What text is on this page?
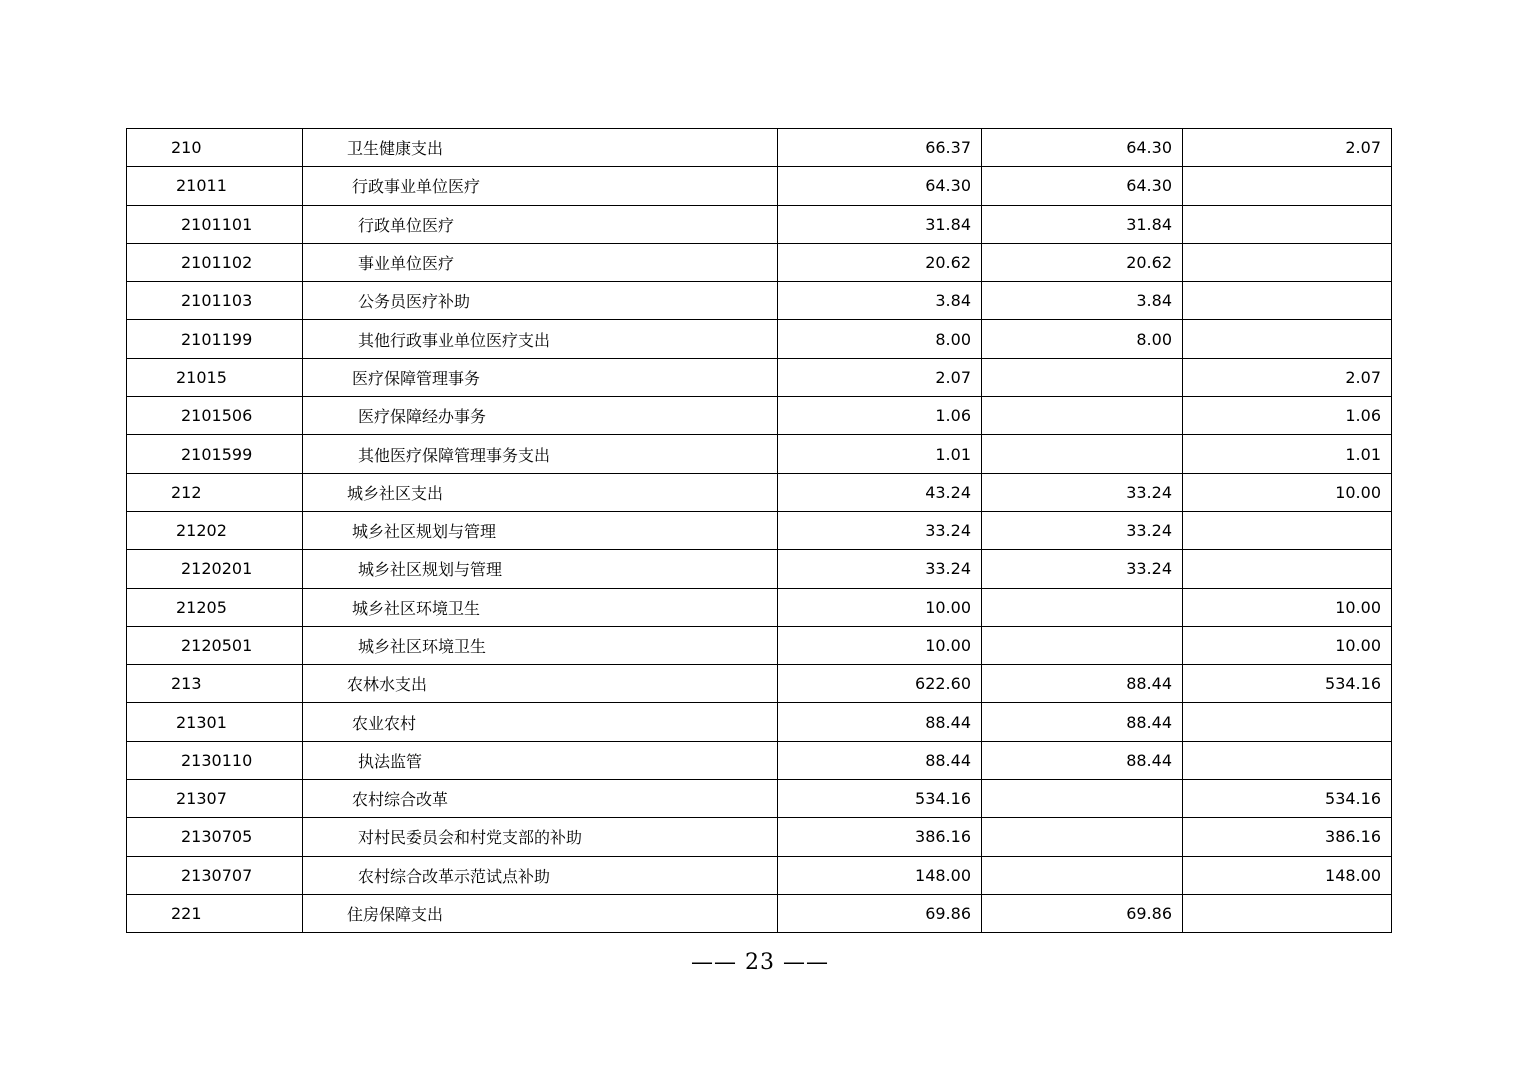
210	卫生健康支出	66.37	64.30	2.07
21011	行政事业单位医疗	64.30	64.30	
2101101	行政单位医疗	31.84	31.84	
2101102	事业单位医疗	20.62	20.62	
2101103	公务员医疗补助	3.84	3.84	
2101199	其他行政事业单位医疗支出	8.00	8.00	
21015	医疗保障管理事务	2.07		2.07
2101506	医疗保障经办事务	1.06		1.06
2101599	其他医疗保障管理事务支出	1.01		1.01
212	城乡社区支出	43.24	33.24	10.00
21202	城乡社区规划与管理	33.24	33.24	
2120201	城乡社区规划与管理	33.24	33.24	
21205	城乡社区环境卫生	10.00		10.00
2120501	城乡社区环境卫生	10.00		10.00
213	农林水支出	622.60	88.44	534.16
21301	农业农村	88.44	88.44	
2130110	执法监管	88.44	88.44	
21307	农村综合改革	534.16		534.16
2130705	对村民委员会和村党支部的补助	386.16		386.16
2130707	农村综合改革示范试点补助	148.00		148.00
221	住房保障支出	69.86	69.86	
—— 23 ——
